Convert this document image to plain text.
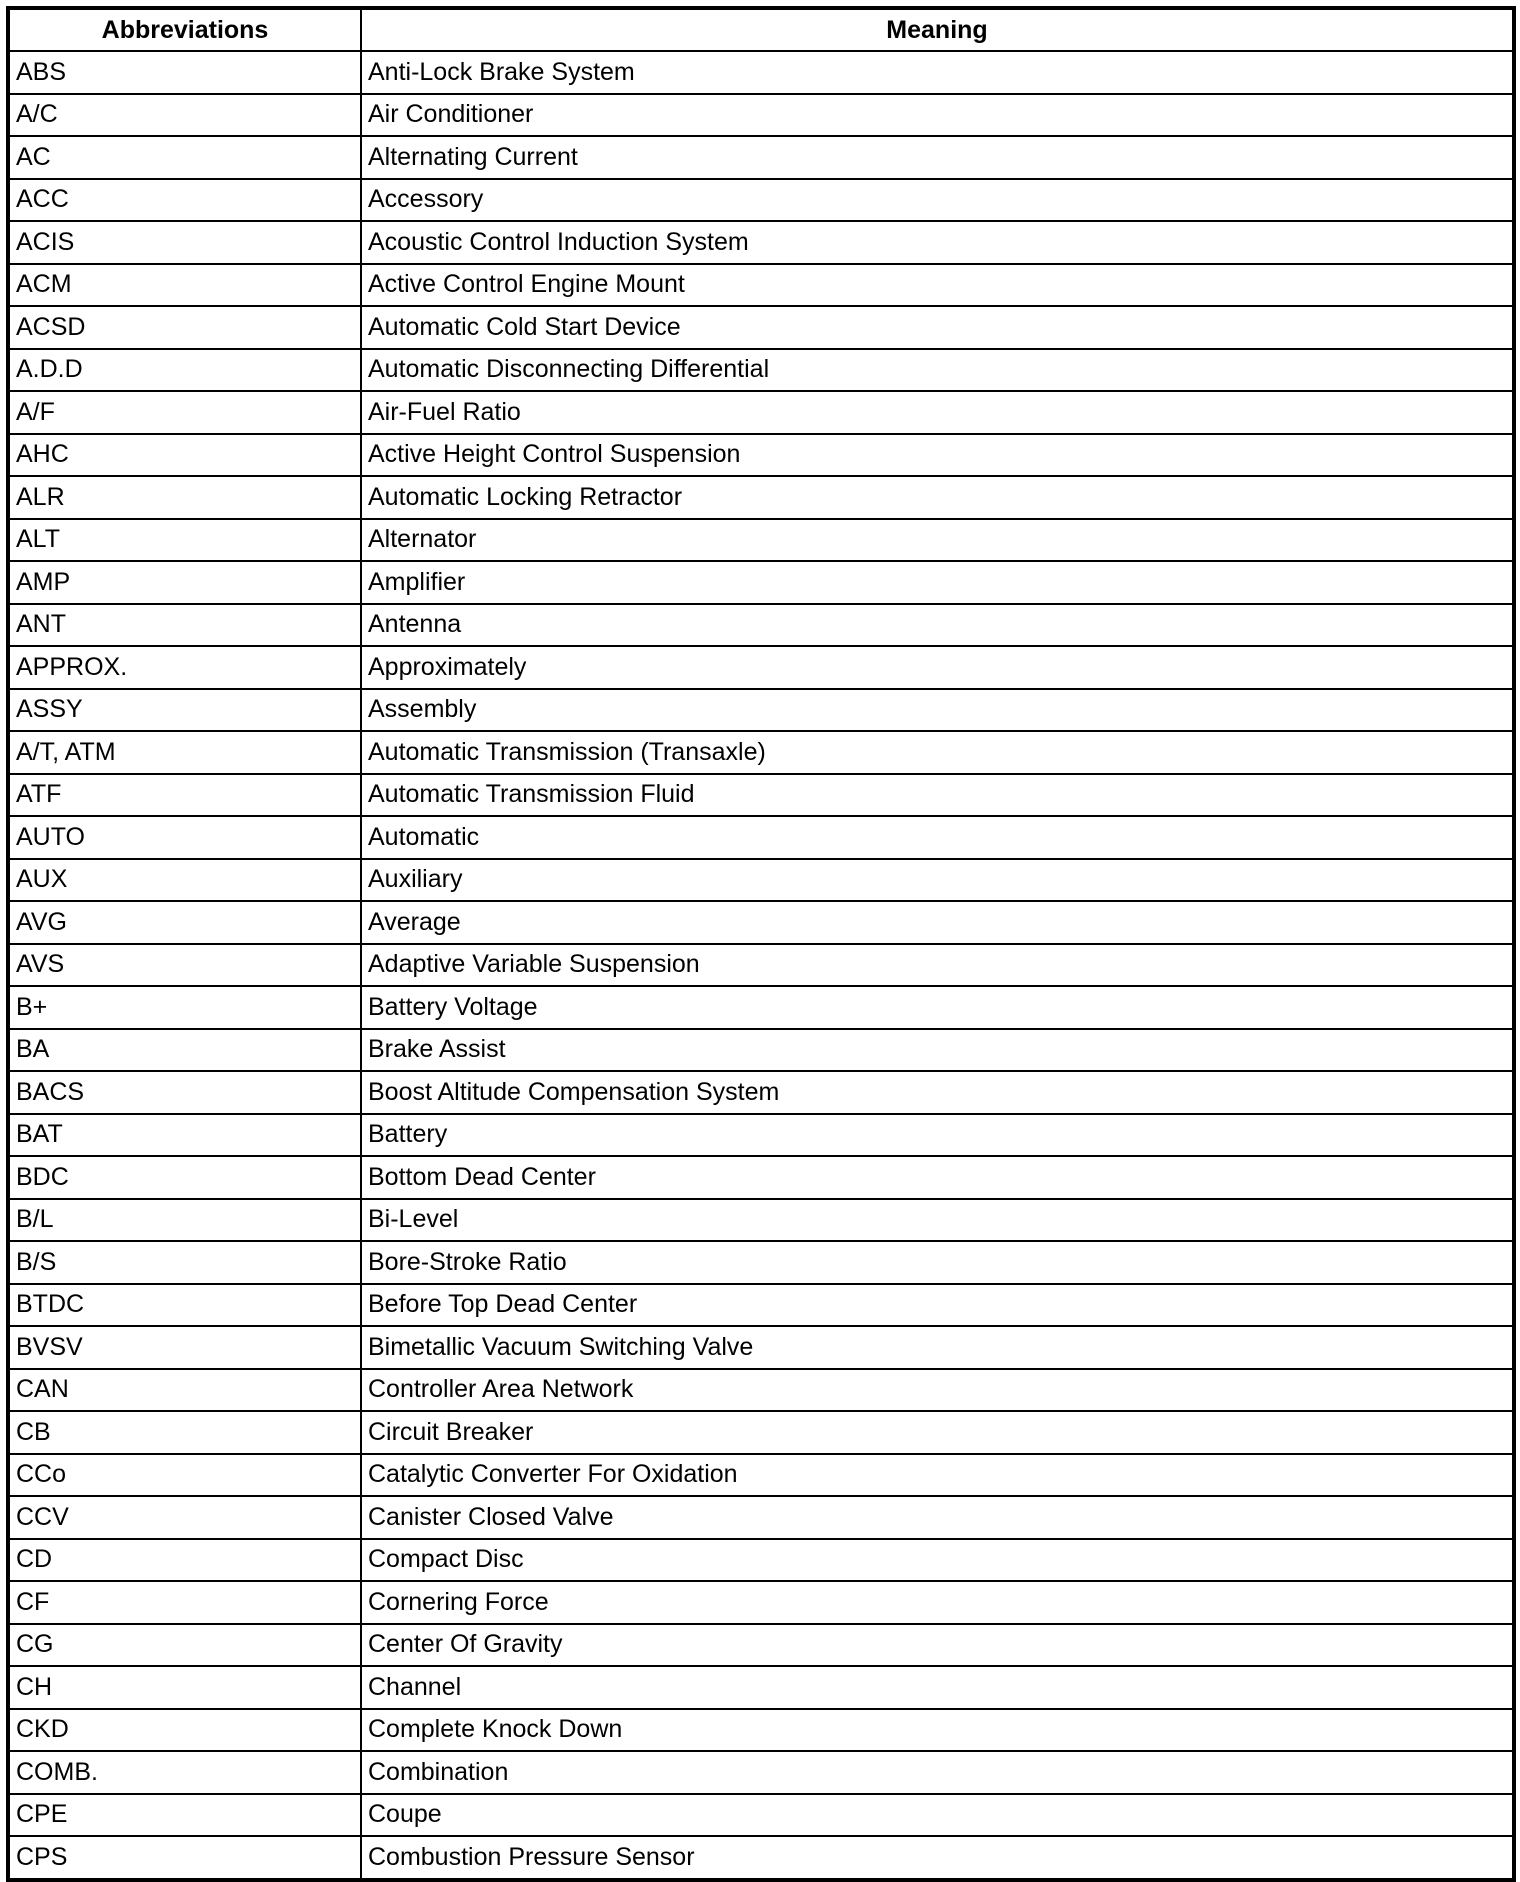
Abbreviations	Meaning
ABS	Anti-Lock Brake System
A/C	Air Conditioner
AC	Alternating Current
ACC	Accessory
ACIS	Acoustic Control Induction System
ACM	Active Control Engine Mount
ACSD	Automatic Cold Start Device
A.D.D	Automatic Disconnecting Differential
A/F	Air-Fuel Ratio
AHC	Active Height Control Suspension
ALR	Automatic Locking Retractor
ALT	Alternator
AMP	Amplifier
ANT	Antenna
APPROX.	Approximately
ASSY	Assembly
A/T, ATM	Automatic Transmission (Transaxle)
ATF	Automatic Transmission Fluid
AUTO	Automatic
AUX	Auxiliary
AVG	Average
AVS	Adaptive Variable Suspension
B+	Battery Voltage
BA	Brake Assist
BACS	Boost Altitude Compensation System
BAT	Battery
BDC	Bottom Dead Center
B/L	Bi-Level
B/S	Bore-Stroke Ratio
BTDC	Before Top Dead Center
BVSV	Bimetallic Vacuum Switching Valve
CAN	Controller Area Network
CB	Circuit Breaker
CCo	Catalytic Converter For Oxidation
CCV	Canister Closed Valve
CD	Compact Disc
CF	Cornering Force
CG	Center Of Gravity
CH	Channel
CKD	Complete Knock Down
COMB.	Combination
CPE	Coupe
CPS	Combustion Pressure Sensor
